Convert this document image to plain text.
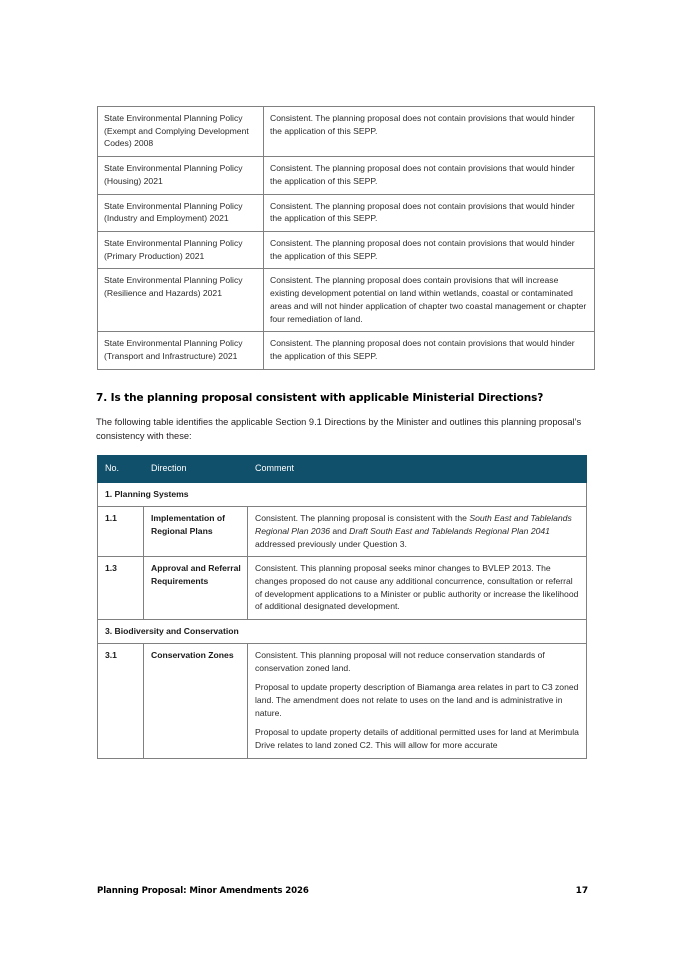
State Environmental Planning Policy (Exempt and Complying Development Codes) 2008	Consistent. The planning proposal does not contain provisions that would hinder the application of this SEPP.
State Environmental Planning Policy (Housing) 2021	Consistent. The planning proposal does not contain provisions that would hinder the application of this SEPP.
State Environmental Planning Policy (Industry and Employment) 2021	Consistent. The planning proposal does not contain provisions that would hinder the application of this SEPP.
State Environmental Planning Policy (Primary Production) 2021	Consistent. The planning proposal does not contain provisions that would hinder the application of this SEPP.
State Environmental Planning Policy (Resilience and Hazards) 2021	Consistent. The planning proposal does contain provisions that will increase existing development potential on land within wetlands, coastal or contaminated areas and will not hinder application of chapter two coastal management or chapter four remediation of land.
State Environmental Planning Policy (Transport and Infrastructure) 2021	Consistent. The planning proposal does not contain provisions that would hinder the application of this SEPP.
7. Is the planning proposal consistent with applicable Ministerial Directions?

The following table identifies the applicable Section 9.1 Directions by the Minister and outlines this planning proposal’s consistency with these:

No.	Direction	Comment
1. Planning Systems		
1.1	Implementation of Regional Plans	Consistent. The planning proposal is consistent with the South East and Tablelands Regional Plan 2036 and Draft South East and Tablelands Regional Plan 2041 addressed previously under Question 3.

1.3	Approval and Referral Requirements	Consistent. This planning proposal seeks minor changes to BVLEP 2013. The changes proposed do not cause any additional concurrence, consultation or referral of development applications to a Minister or public authority or increase the likelihood of additional designated development.
3. Biodiversity and Conservation		
3.1	Conservation Zones	Consistent. This planning proposal will not reduce conservation standards of conservation zoned land.

Proposal to update property description of Biamanga area relates in part to C3 zoned land. The amendment does not relate to uses on the land and is administrative in nature.

Proposal to update property details of additional permitted uses for land at Merimbula Drive relates to land zoned C2. This will allow for more accurate

Planning Proposal: Minor Amendments 2026	17
